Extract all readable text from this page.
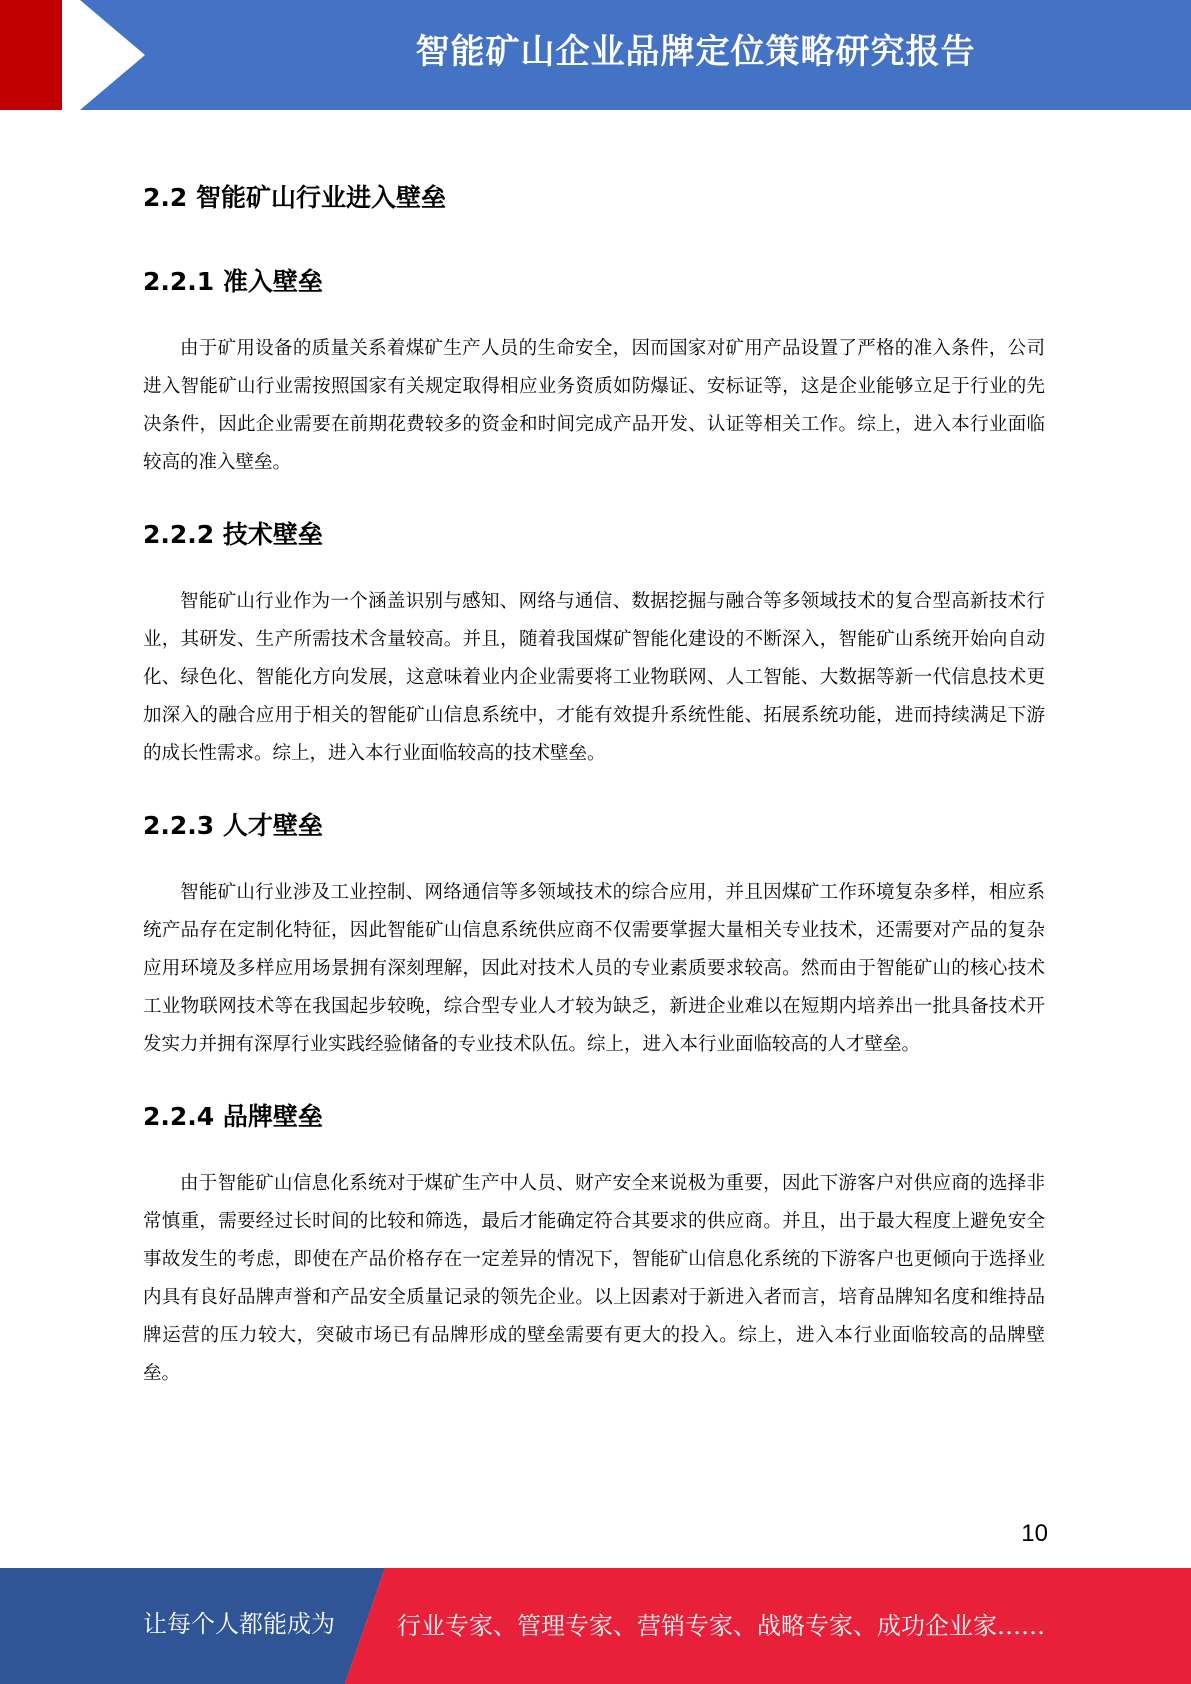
智能矿山企业品牌定位策略研究报告
2.2 智能矿山行业进入壁垒
2.2.1 准入壁垒

由于矿用设备的质量关系着煤矿生产人员的生命安全，因而国家对矿用产品设置了严格的准入条件，公司进入智能矿山行业需按照国家有关规定取得相应业务资质如防爆证、安标证等，这是企业能够立足于行业的先决条件，因此企业需要在前期花费较多的资金和时间完成产品开发、认证等相关工作。综上，进入本行业面临较高的准入壁垒。

2.2.2 技术壁垒

智能矿山行业作为一个涵盖识别与感知、网络与通信、数据挖掘与融合等多领域技术的复合型高新技术行业，其研发、生产所需技术含量较高。并且，随着我国煤矿智能化建设的不断深入，智能矿山系统开始向自动化、绿色化、智能化方向发展，这意味着业内企业需要将工业物联网、人工智能、大数据等新一代信息技术更加深入的融合应用于相关的智能矿山信息系统中，才能有效提升系统性能、拓展系统功能，进而持续满足下游的成长性需求。综上，进入本行业面临较高的技术壁垒。

2.2.3 人才壁垒

智能矿山行业涉及工业控制、网络通信等多领域技术的综合应用，并且因煤矿工作环境复杂多样，相应系统产品存在定制化特征，因此智能矿山信息系统供应商不仅需要掌握大量相关专业技术，还需要对产品的复杂应用环境及多样应用场景拥有深刻理解，因此对技术人员的专业素质要求较高。然而由于智能矿山的核心技术工业物联网技术等在我国起步较晚，综合型专业人才较为缺乏，新进企业难以在短期内培养出一批具备技术开发实力并拥有深厚行业实践经验储备的专业技术队伍。综上，进入本行业面临较高的人才壁垒。

2.2.4 品牌壁垒

由于智能矿山信息化系统对于煤矿生产中人员、财产安全来说极为重要，因此下游客户对供应商的选择非常慎重，需要经过长时间的比较和筛选，最后才能确定符合其要求的供应商。并且，出于最大程度上避免安全事故发生的考虑，即使在产品价格存在一定差异的情况下，智能矿山信息化系统的下游客户也更倾向于选择业内具有良好品牌声誉和产品安全质量记录的领先企业。以上因素对于新进入者而言，培育品牌知名度和维持品牌运营的压力较大，突破市场已有品牌形成的壁垒需要有更大的投入。综上，进入本行业面临较高的品牌壁垒。

10
让每个人都能成为	行业专家、管理专家、营销专家、战略专家、成功企业家……
